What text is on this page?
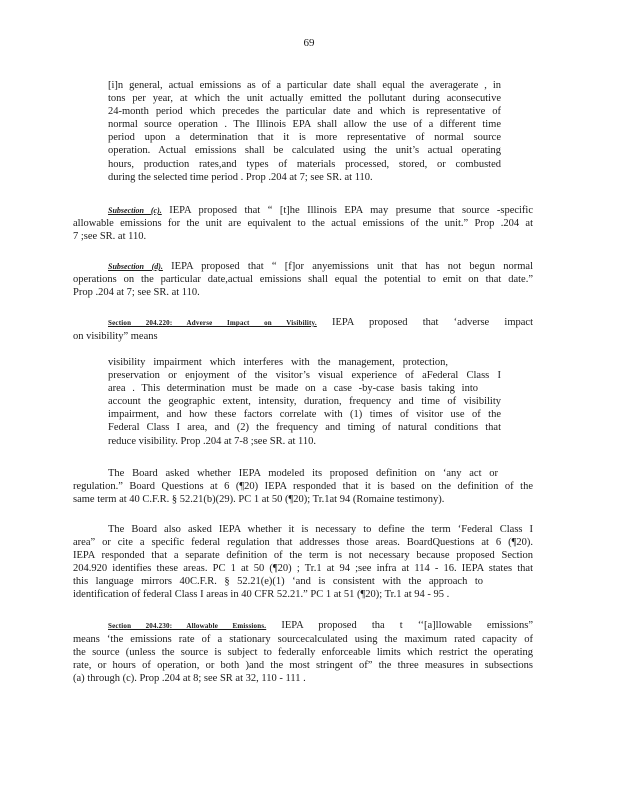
69
[i]n general, actual emissions as of a particular date shall equal the averagerate , in
tons per year, at which the unit actually emitted the pollutant during aconsecutive
24-month period which precedes the particular date and which is representative of
normal source operation . The Illinois EPA shall allow the use of a different time
period upon a determination that it is more representative of normal source
operation. Actual emissions shall be calculated using the unit’s actual operating
hours, production rates,and types of materials processed, stored, or combusted
during the selected time period . Prop .204 at 7; see SR. at 110.
Subsection (c). IEPA proposed that “ [t]he Illinois EPA may presume that source -specific
allowable emissions for the unit are equivalent to the actual emissions of the unit.” Prop .204 at
7 ;see SR. at 110.
Subsection (d). IEPA proposed that “ [f]or anyemissions unit that has not begun normal
operations on the particular date,actual emissions shall equal the potential to emit on that date.”
Prop .204 at 7; see SR. at 110.
Section 204.220: Adverse Impact on Visibility. IEPA proposed that ‘adverse impact
on visibility” means
visibility impairment which interferes with the management, protection,
preservation or enjoyment of the visitor’s visual experience of aFederal Class I
area . This determination must be made on a case -by-case basis taking into
account the geographic extent, intensity, duration, frequency and time of visibility
impairment, and how these factors correlate with (1) times of visitor use of the
Federal Class I area, and (2) the frequency and timing of natural conditions that
reduce visibility. Prop .204 at 7-8 ;see SR. at 110.
The Board asked whether IEPA modeled its proposed definition on ‘any act or
regulation.” Board Questions at 6 (¶20) IEPA responded that it is based on the definition of the
same term at 40 C.F.R. § 52.21(b)(29). PC 1 at 50 (¶20); Tr.1at 94 (Romaine testimony).
The Board also asked IEPA whether it is necessary to define the term ‘Federal Class I
area” or cite a specific federal regulation that addresses those areas. BoardQuestions at 6 (¶20).
IEPA responded that a separate definition of the term is not necessary because proposed Section
204.920 identifies these areas. PC 1 at 50 (¶20) ; Tr.1 at 94 ;see infra at 114 - 16. IEPA states that
this language mirrors 40C.F.R. § 52.21(e)(1) ‘and is consistent with the approach to
identification of federal Class I areas in 40 CFR 52.21.” PC 1 at 51 (¶20); Tr.1 at 94 - 95 .
Section 204.230: Allowable Emissions. IEPA proposed tha t ‘‘[a]llowable emissions”
means ‘the emissions rate of a stationary sourcecalculated using the maximum rated capacity of
the source (unless the source is subject to federally enforceable limits which restrict the operating
rate, or hours of operation, or both )and the most stringent of” the three measures in subsections
(a) through (c). Prop .204 at 8; see SR at 32, 110 - 111 .
